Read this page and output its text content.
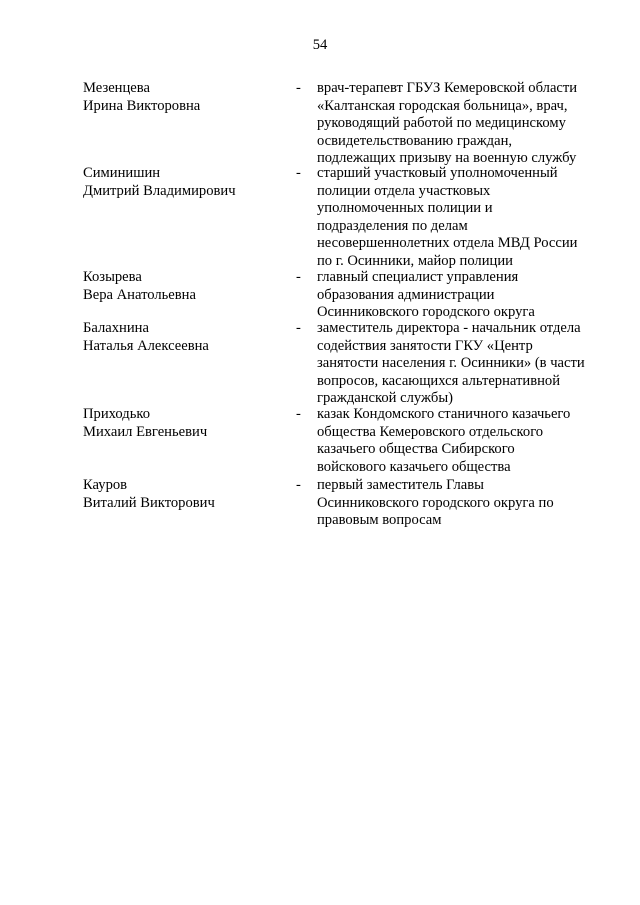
54
Мезенцева
Ирина Викторовна
-	врач-терапевт ГБУЗ Кемеровской области
«Калтанская городская больница», врач,
руководящий работой по медицинскому
освидетельствованию граждан,
подлежащих призыву на военную службу
Симинишин
Дмитрий Владимирович
-	старший участковый уполномоченный
полиции отдела участковых
уполномоченных полиции и
подразделения по делам
несовершеннолетних отдела МВД России
по г. Осинники, майор полиции
Козырева
Вера Анатольевна
-	главный специалист управления
образования администрации
Осинниковского городского округа
Балахнина
Наталья Алексеевна
-	заместитель директора - начальник отдела
содействия занятости ГКУ «Центр
занятости населения г. Осинники» (в части
вопросов, касающихся альтернативной
гражданской службы)
Приходько
Михаил Евгеньевич
-	казак Кондомского станичного казачьего
общества Кемеровского отдельского
казачьего общества Сибирского
войскового казачьего общества
Кауров
Виталий Викторович
-	первый заместитель Главы
Осинниковского городского округа по
правовым вопросам
